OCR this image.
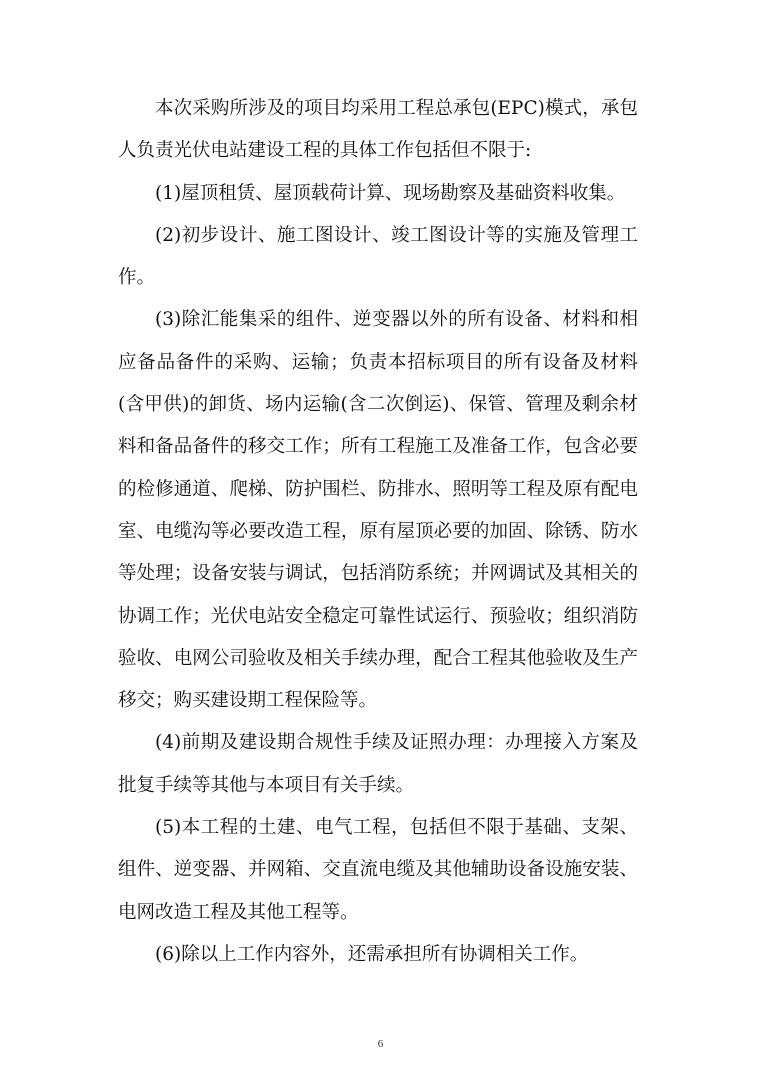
本次采购所涉及的项目均采用工程总承包(EPC)模式，承包人负责光伏电站建设工程的具体工作包括但不限于:

(1)屋顶租赁、屋顶载荷计算、现场勘察及基础资料收集。

(2)初步设计、施工图设计、竣工图设计等的实施及管理工作。

(3)除汇能集采的组件、逆变器以外的所有设备、材料和相应备品备件的采购、运输；负责本招标项目的所有设备及材料(含甲供)的卸货、场内运输(含二次倒运)、保管、管理及剩余材料和备品备件的移交工作；所有工程施工及准备工作，包含必要的检修通道、爬梯、防护围栏、防排水、照明等工程及原有配电室、电缆沟等必要改造工程，原有屋顶必要的加固、除锈、防水等处理；设备安装与调试，包括消防系统；并网调试及其相关的协调工作；光伏电站安全稳定可靠性试运行、预验收；组织消防验收、电网公司验收及相关手续办理，配合工程其他验收及生产移交；购买建设期工程保险等。

(4)前期及建设期合规性手续及证照办理：办理接入方案及批复手续等其他与本项目有关手续。

(5)本工程的土建、电气工程，包括但不限于基础、支架、组件、逆变器、并网箱、交直流电缆及其他辅助设备设施安装、电网改造工程及其他工程等。

(6)除以上工作内容外，还需承担所有协调相关工作。

6
